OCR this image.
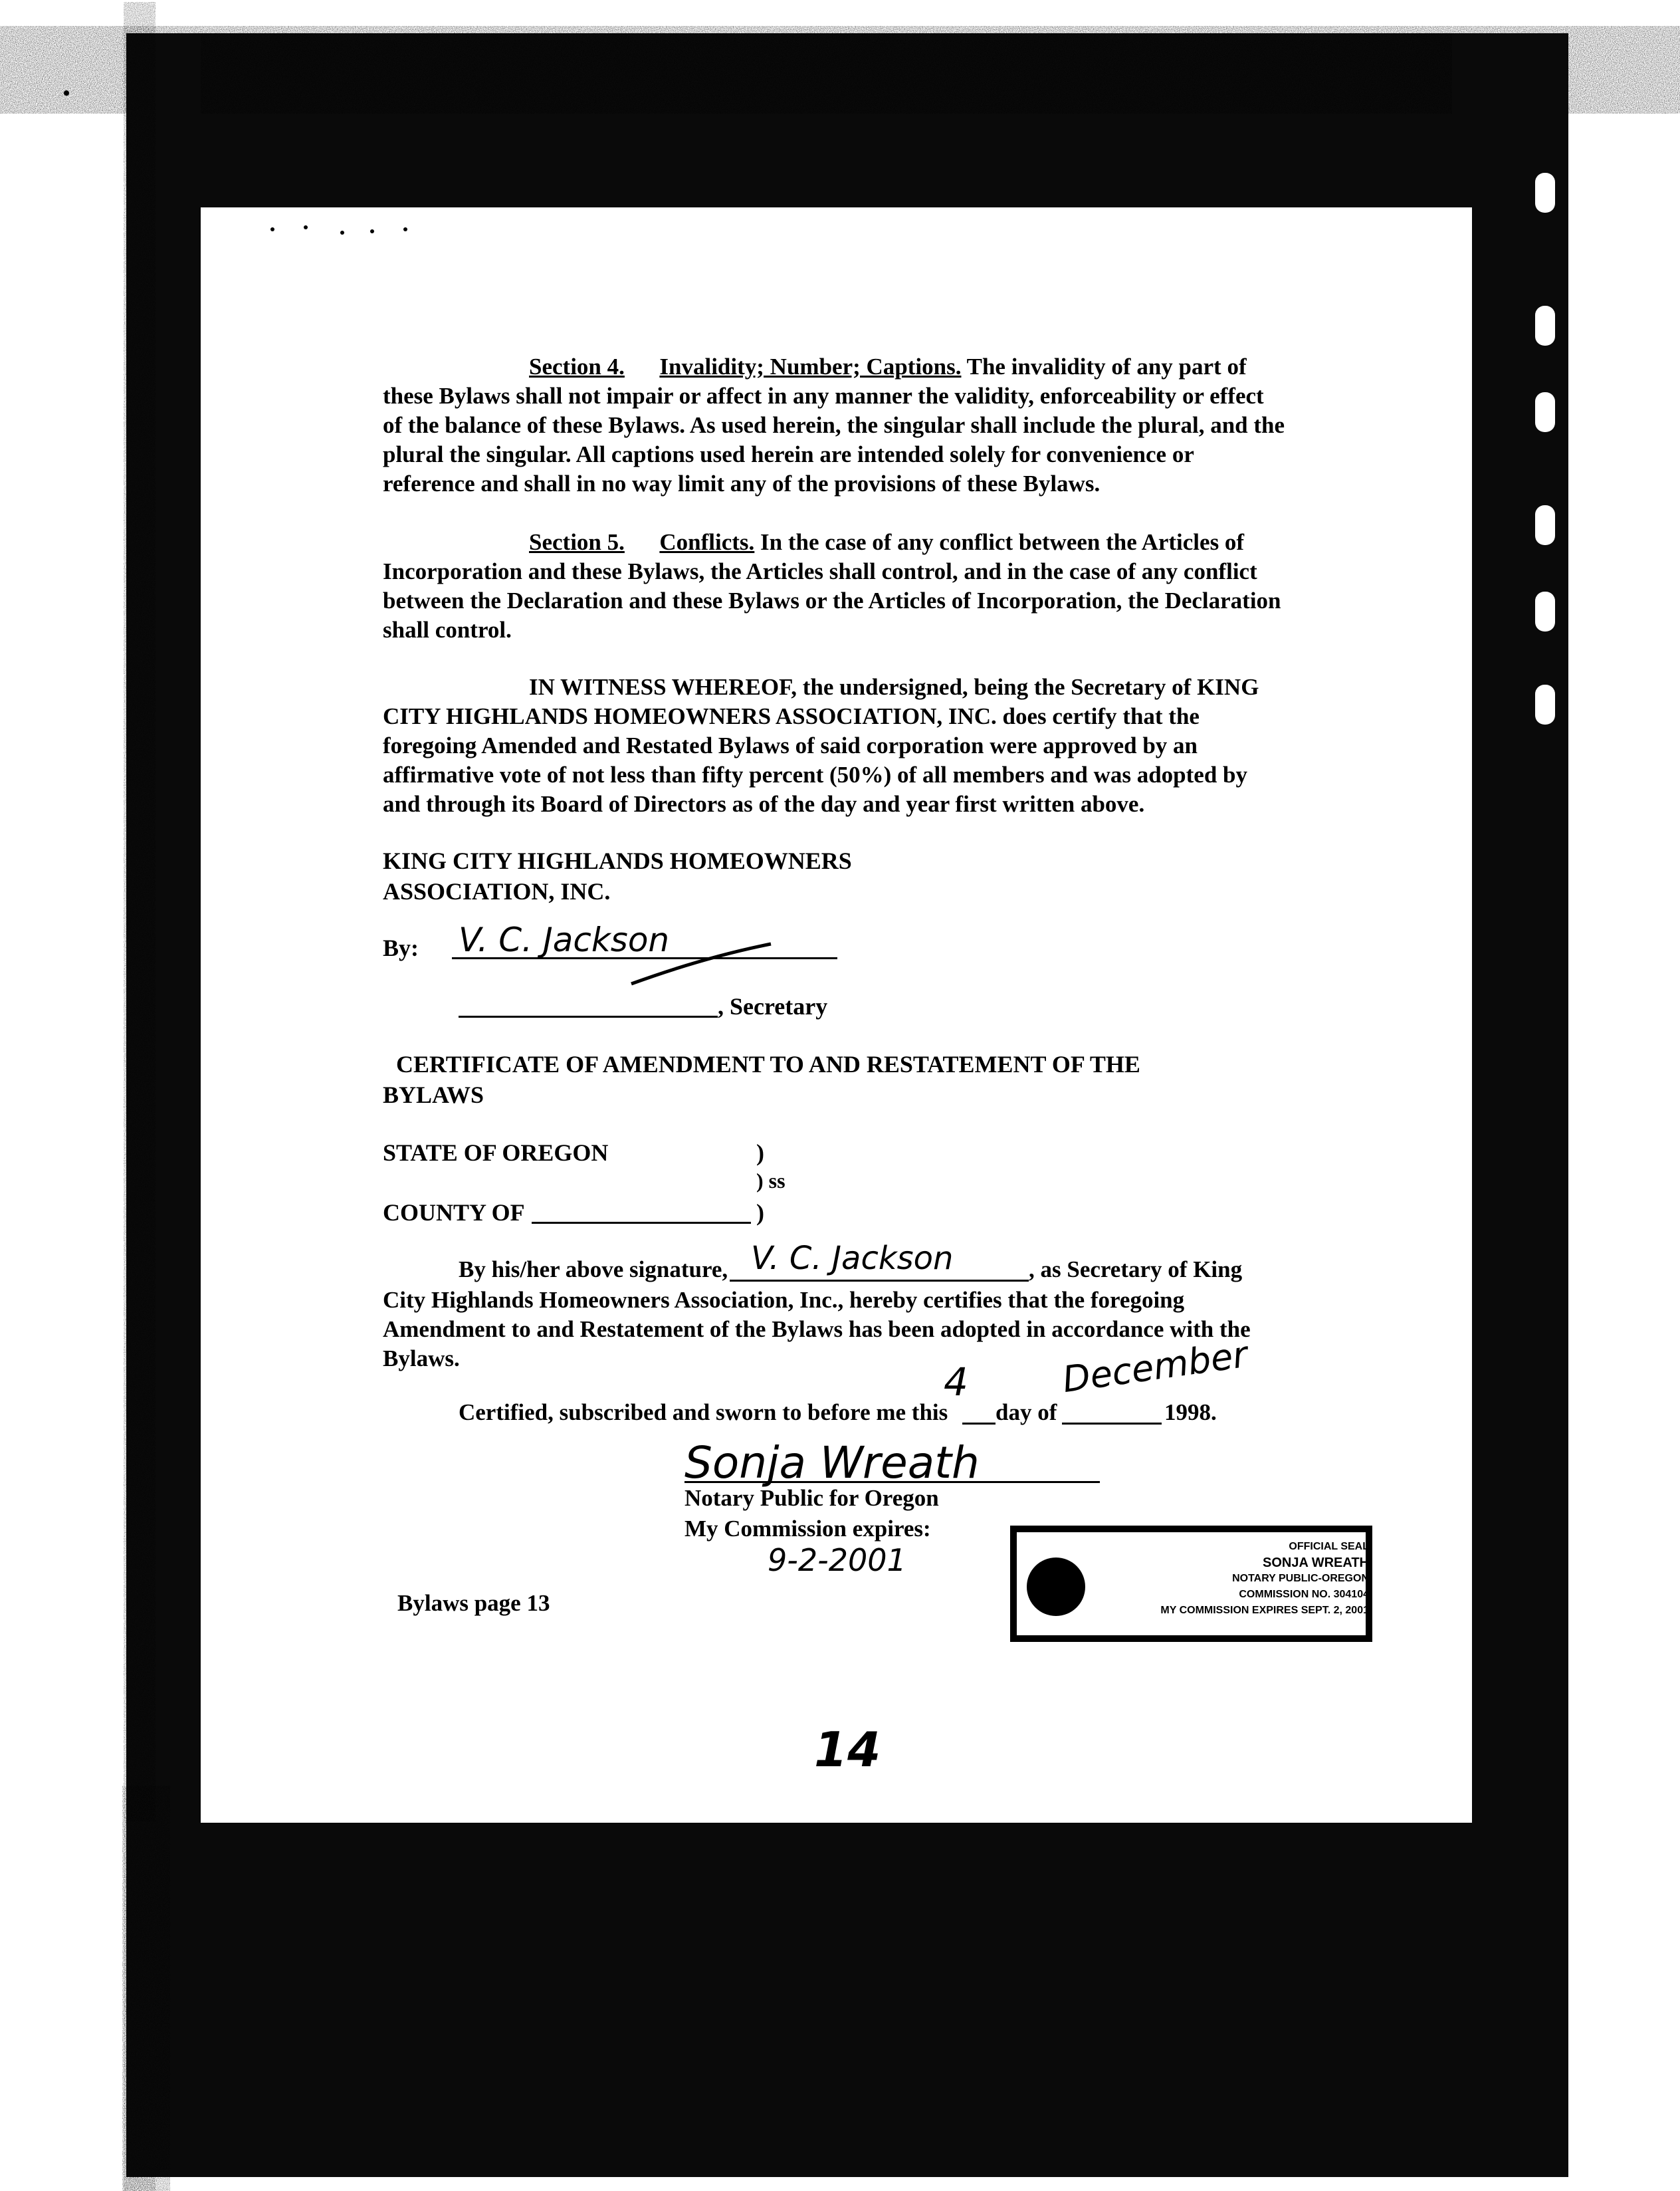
Section 4. Invalidity; Number; Captions. The invalidity of any part of these Bylaws shall not impair or affect in any manner the validity, enforceability or effect of the balance of these Bylaws. As used herein, the singular shall include the plural, and the plural the singular. All captions used herein are intended solely for convenience or reference and shall in no way limit any of the provisions of these Bylaws.
Section 5. Conflicts. In the case of any conflict between the Articles of Incorporation and these Bylaws, the Articles shall control, and in the case of any conflict between the Declaration and these Bylaws or the Articles of Incorporation, the Declaration shall control.
IN WITNESS WHEREOF, the undersigned, being the Secretary of KING CITY HIGHLANDS HOMEOWNERS ASSOCIATION, INC. does certify that the foregoing Amended and Restated Bylaws of said corporation were approved by an affirmative vote of not less than fifty percent (50%) of all members and was adopted by and through its Board of Directors as of the day and year first written above.
KING CITY HIGHLANDS HOMEOWNERS
ASSOCIATION, INC.
By: V. C. Jackson
, Secretary
CERTIFICATE OF AMENDMENT TO AND RESTATEMENT OF THE
BYLAWS
STATE OF OREGON	)
) ss
COUNTY OF	)
By his/her above signature, V. C. Jackson	, as Secretary of King
City Highlands Homeowners Association, Inc., hereby certifies that the foregoing Amendment to and Restatement of the Bylaws has been adopted in accordance with the Bylaws.
Certified, subscribed and sworn to before me this
4
day of
December
1998.
Sonja Wreath
Notary Public for Oregon
My Commission expires:
9-2-2001	OFFICIAL SEAL
SONJA WREATH
NOTARY PUBLIC-OREGON
COMMISSION NO. 304104
MY COMMISSION EXPIRES SEPT. 2, 2001
Bylaws page 13
14
